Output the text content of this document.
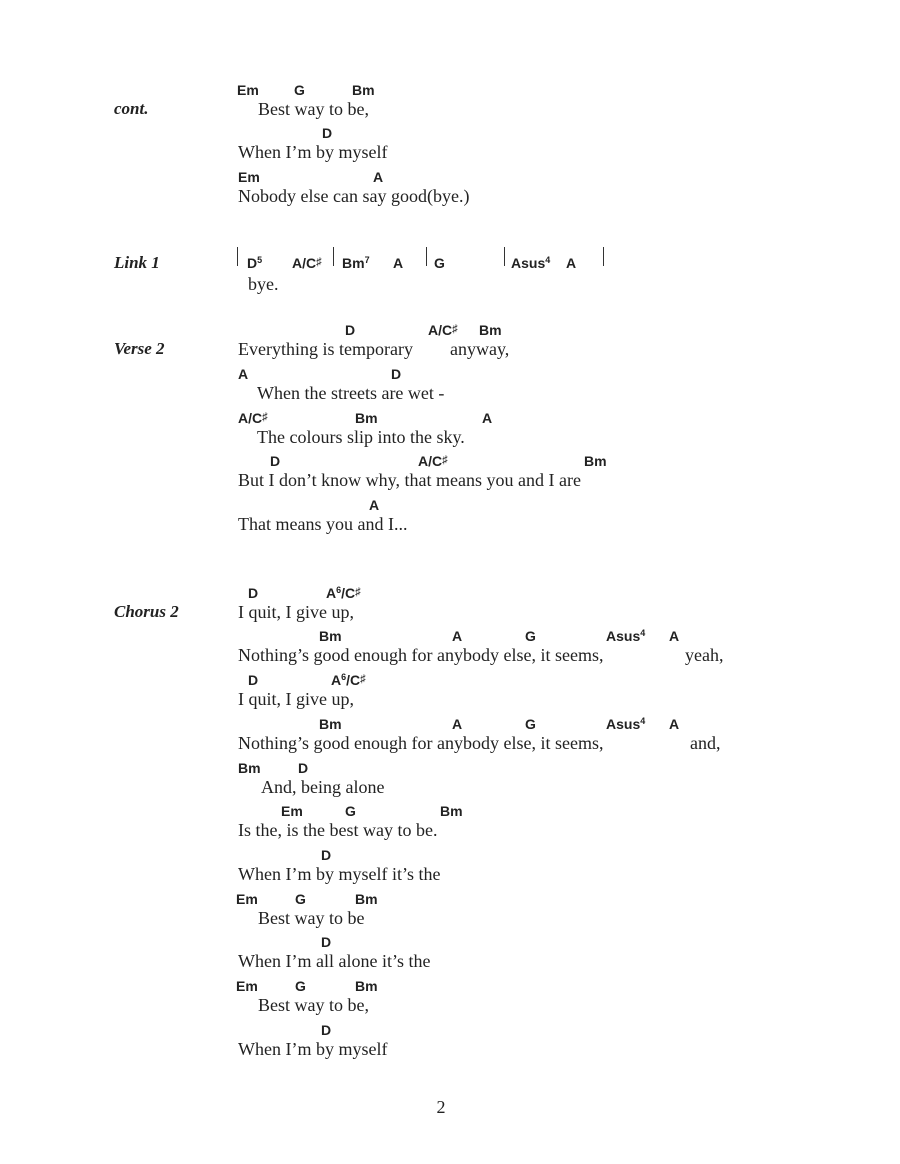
cont.
Em	G	Bm
Best way to be,
D
When I’m by myself
Em	A
Nobody else can say good(bye.)
Link 1	$D^5$ A/C♯ Bm$^7$ A G	Asus$^4$ A
bye.
Verse 2
D	A/C♯ Bm
Everything is temporary anyway,
A	D
When the streets are wet -
A/C♯	Bm	A
The colours slip into the sky.
D	A/C♯	Bm
But I don’t know why, that means you and I are
A
That means you and I...
Chorus 2
D	$A^6/C^♯$
I quit, I give up,
Bm	A	G	Asus$^4$ A
Nothing’s good enough for anybody else, it seems,	yeah,
D	$A^6/C^♯$
I quit, I give up,
Bm	A	G	Asus$^4$ A
Nothing’s good enough for anybody else, it seems,	and,
Bm	D
And, being alone
Em	G	Bm
Is the, is the best way to be.
D
When I’m by myself it’s the
Em	G	Bm
Best way to be
D
When I’m all alone it’s the
Em	G	Bm
Best way to be,
D
When I’m by myself
2
